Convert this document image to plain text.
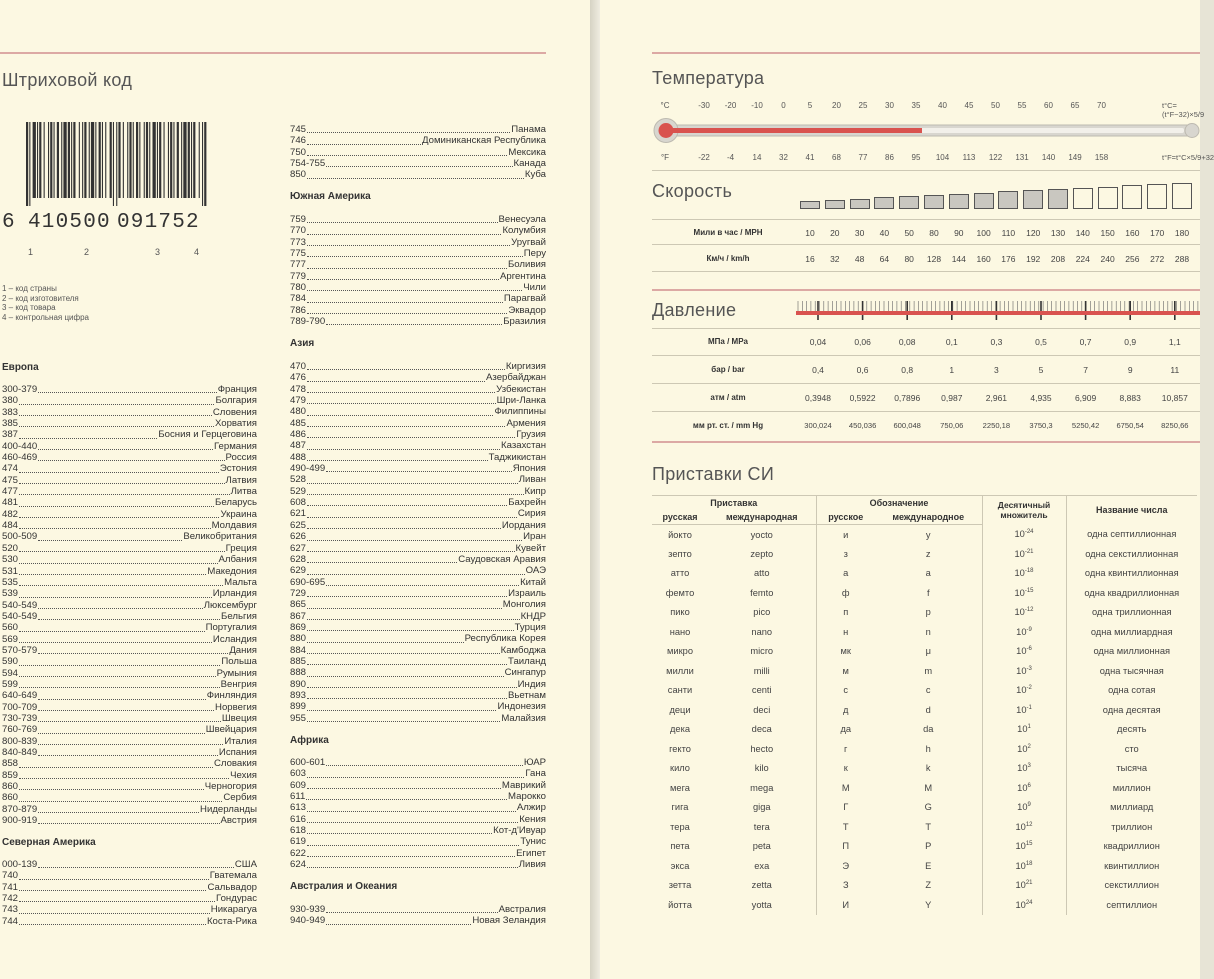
Штриховой код
6 410500 091752
1	2	3	4
1 – код страны
2 – код изготовителя
3 – код товара
4 – контрольная цифра
Европа
300-379	Франция
380	Болгария
383	Словения
385	Хорватия
387	Босния и Герцеговина
400-440	Германия
460-469	Россия
474	Эстония
475	Латвия
477	Литва
481	Беларусь
482	Украина
484	Молдавия
500-509	Великобритания
520	Греция
530	Албания
531	Македония
535	Мальта
539	Ирландия
540-549	Люксембург
540-549	Бельгия
560	Португалия
569	Исландия
570-579	Дания
590	Польша
594	Румыния
599	Венгрия
640-649	Финляндия
700-709	Норвегия
730-739	Швеция
760-769	Швейцария
800-839	Италия
840-849	Испания
858	Словакия
859	Чехия
860	Черногория
860	Сербия
870-879	Нидерланды
900-919	Австрия
Северная Америка
000-139	США
740	Гватемала
741	Сальвадор
742	Гондурас
743	Никарагуа
744	Коста-Рика
745	Панама
746	Доминиканская Республика
750	Мексика
754-755	Канада
850	Куба
Южная Америка
759	Венесуэла
770	Колумбия
773	Уругвай
775	Перу
777	Боливия
779	Аргентина
780	Чили
784	Парагвай
786	Эквадор
789-790	Бразилия
Азия
470	Киргизия
476	Азербайджан
478	Узбекистан
479	Шри-Ланка
480	Филиппины
485	Армения
486	Грузия
487	Казахстан
488	Таджикистан
490-499	Япония
528	Ливан
529	Кипр
608	Бахрейн
621	Сирия
625	Иордания
626	Иран
627	Кувейт
628	Саудовская Аравия
629	ОАЭ
690-695	Китай
729	Израиль
865	Монголия
867	КНДР
869	Турция
880	Республика Корея
884	Камбоджа
885	Таиланд
888	Сингапур
890	Индия
893	Вьетнам
899	Индонезия
955	Малайзия
Африка
600-601	ЮАР
603	Гана
609	Маврикий
611	Марокко
613	Алжир
616	Кения
618	Кот-д'Ивуар
619	Тунис
622	Египет
624	Ливия
Австралия и Океания
930-939	Австралия
940-949	Новая Зеландия
Температура
°C
°F
-30 -20 -10 0	5 20 25 30 35 40 45 50 55 60 65 70
-22 -4 14 32 41 68 77 86 95 104 113 122 131 140 149 158
t°C=(t°F−32)×5/9
t°F=t°C×5/9+32
Скорость
Мили в час / MPH	10 20 30 40 50 80 90 100 110 120 130 140 150 160 170 180
Км/ч / km/h	16 32 48 64 80 128 144 160 176 192 208 224 240 256 272 288
Давление
МПа / MPa	0,04	0,06	0,08	0,1	0,3	0,5	0,7	0,9	1,1
бар / bar	0,4	0,6	0,8	1	3	5	7	9	11
атм / atm	0,3948 0,5922 0,7896 0,987	2,961	4,935	6,909	8,883 10,857
мм рт. ст. / mm Hg	300,024 450,036 600,048	750,06	2250,18	3750,3	5250,42 6750,54 8250,66
Приставки СИ
Приставка		Обозначение		Десятичный множитель	Название числа
русская	международная	русское	международное		
йокто	yocto	и	y	$10^{-24}$	одна септиллионная
зепто	zepto	з	z	$10^{-21}$	одна секстиллионная
атто	atto	а	a	$10^{-18}$	одна квинтиллионная
фемто	femto	ф	f	$10^{-15}$	одна квадриллионная
пико	pico	п	p	$10^{-12}$	одна триллионная
нано	nano	н	n	$10^{-9}$	одна миллиардная
микро	micro	мк	μ	$10^{-6}$	одна миллионная
милли	milli	м	m	$10^{-3}$	одна тысячная
санти	centi	с	c	$10^{-2}$	одна сотая
деци	deci	д	d	$10^{-1}$	одна десятая
дека	deca	да	da	$10^1$	десять
гекто	hecto	г	h	$10^2$	сто
кило	kilo	к	k	$10^3$	тысяча
мега	mega	М	M	$10^6$	миллион
гига	giga	Г	G	$10^9$	миллиард
тера	tera	Т	T	$10^{12}$	триллион
пета	peta	П	P	$10^{15}$	квадриллион
экса	exa	Э	E	$10^{18}$	квинтиллион
зетта	zetta	З	Z	$10^{21}$	секстиллион
йотта	yotta	И	Y	$10^{24}$	септиллион
